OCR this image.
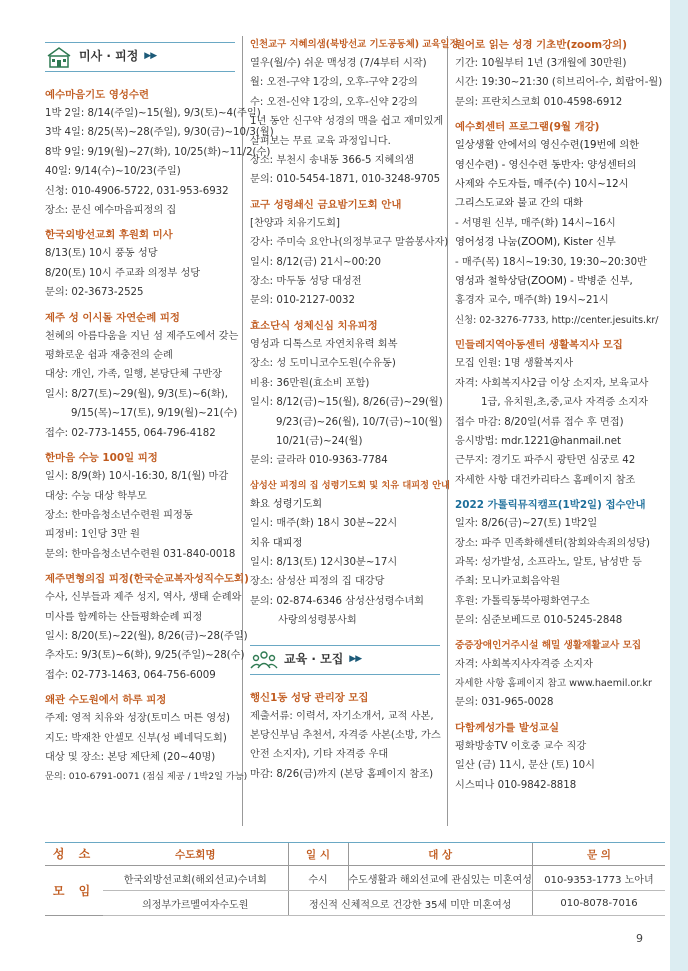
미사 · 피정 ▶▶
예수마음기도 영성수련
1박 2일: 8/14(주일)~15(월), 9/3(토)~4(주일)
3박 4일: 8/25(목)~28(주일), 9/30(금)~10/3(월)
8박 9일: 9/19(월)~27(화), 10/25(화)~11/2(수)
40일: 9/14(수)~10/23(주일)
신청: 010-4906-5722, 031-953-6932
장소: 문신 예수마음피정의 집
한국외방선교회 후원회 미사
8/13(토) 10시 풍동 성당
8/20(토) 10시 주교좌 의정부 성당
문의: 02-3673-2525
제주 성 이시돌 자연순례 피정
천혜의 아름다움을 지닌 섬 제주도에서 갖는
평화로운 쉼과 재충전의 순례
대상: 개인, 가족, 일행, 본당단체 구반장
일시: 8/27(토)~29(월), 9/3(토)~6(화),
9/15(목)~17(토), 9/19(월)~21(수)
접수: 02-773-1455, 064-796-4182
한마음 수능 100일 피정
일시: 8/9(화) 10시-16:30, 8/1(월) 마감
대상: 수능 대상 학부모
장소: 한마음청소년수련원 피정동
피정비: 1인당 3만 원
문의: 한마음청소년수련원 031-840-0018
제주면형의집 피정(한국순교복자성직수도회)
수사, 신부들과 제주 성지, 역사, 생태 순례와
미사를 함께하는 산들평화순례 피정
일시: 8/20(토)~22(월), 8/26(금)~28(주일)
추자도: 9/3(토)~6(화), 9/25(주일)~28(수)
접수: 02-773-1463, 064-756-6009
왜관 수도원에서 하루 피정
주제: 영적 치유와 성장(토미스 머튼 영성)
지도: 박재찬 안셀모 신부(성 베네딕도회)
대상 및 장소: 본당 제단체 (20~40명)
문의: 010-6791-0071 (점심 제공 / 1박2일 가능)
인천교구 지혜의샘(북방선교 기도공동체) 교육일정
열우(월/수) 쉬운 맥성경 (7/4부터 시작)
월: 오전-구약 1강의, 오후-구약 2강의
수: 오전-신약 1강의, 오후-신약 2강의
1년 동안 신구약 성경의 맥을 쉽고 재미있게
살펴보는 무료 교육 과정입니다.
장소: 부천시 송내동 366-5 지혜의샘
문의: 010-5454-1871, 010-3248-9705
교구 성령쇄신 금요밤기도회 안내
[찬양과 치유기도회]
강사: 주미숙 요안나(의정부교구 말씀봉사자)
일시: 8/12(금) 21시~00:20
장소: 마두동 성당 대성전
문의: 010-2127-0032
효소단식 성체신심 치유피정
영성과 디톡스로 자연치유력 회복
장소: 성 도미니코수도원(수유동)
비용: 36만원(효소비 포함)
일시: 8/12(금)~15(월), 8/26(금)~29(월)
9/23(금)~26(월), 10/7(금)~10(월)
10/21(금)~24(월)
문의: 글라라 010-9363-7784
삼성산 피정의 집 성령기도회 및 치유 대피정 안내
화요 성령기도회
일시: 매주(화) 18시 30분~22시
치유 대피정
일시: 8/13(토) 12시30분~17시
장소: 삼성산 피정의 집 대강당
문의: 02-874-6346 삼성산성령수녀회
사랑의성령봉사회
교육 · 모집 ▶▶
행신1동 성당 관리장 모집
제출서류: 이력서, 자기소개서, 교적 사본,
본당신부님 추천서, 자격증 사본(소방, 가스
안전 소지자), 기타 자격증 우대
마감: 8/26(금)까지 (본당 홈페이지 참조)
원어로 읽는 성경 기초반(zoom강의)
기간: 10월부터 1년 (3개월에 30만원)
시간: 19:30~21:30 (히브리어-수, 희랍어-월)
문의: 프란치스코회 010-4598-6912
예수회센터 프로그램(9월 개강)
일상생활 안에서의 영신수련(19번에 의한
영신수련) - 영신수련 동반자: 양성센터의
사제와 수도자들, 매주(수) 10시~12시
그리스도교와 불교 간의 대화
- 서명원 신부, 매주(화) 14시~16시
영어성경 나눔(ZOOM), Kister 신부
- 매주(목) 18시~19:30, 19:30~20:30반
영성과 철학상담(ZOOM) - 박병준 신부,
홍경자 교수, 매주(화) 19시~21시
신청: 02-3276-7733, http://center.jesuits.kr/
민들레지역아동센터 생활복지사 모집
모집 인원: 1명 생활복지사
자격: 사회복지사2급 이상 소지자, 보육교사
1급, 유치원,초,중,교사 자격증 소지자
접수 마감: 8/20일(서류 접수 후 면접)
응시방법: mdr.1221@hanmail.net
근무지: 경기도 파주시 광탄면 심궁로 42
자세한 사항 대건카리타스 홈페이지 참조
2022 가톨릭뮤직캠프(1박2일) 접수안내
일자: 8/26(금)~27(토) 1박2일
장소: 파주 민족화해센터(참회와속죄의성당)
과목: 성가발성, 소프라노, 알토, 남성반 등
주최: 모니카교회음악원
후원: 가톨릭동북아평화연구소
문의: 심준보베드로 010-5245-2848
중증장애인거주시설 해밀 생활재활교사 모집
자격: 사회복지사자격증 소지자
자세한 사항 홈페이지 참고 www.haemil.or.kr
문의: 031-965-0028
다함께성가를 발성교실
평화방송TV 이호중 교수 직강
일산 (금) 11시, 문산 (토) 10시
시스띠나 010-9842-8818
성 소	수도회명	일 시	대 상	문 의
모 임	한국외방선교회(해외선교)수녀회	수시	수도생활과 해외선교에 관심있는 미혼여성	010-9353-1773 노아녀
	의정부가르멜여자수도원	정신적 신체적으로 건강한 35세 미만 미혼여성		010-8078-7016
9
